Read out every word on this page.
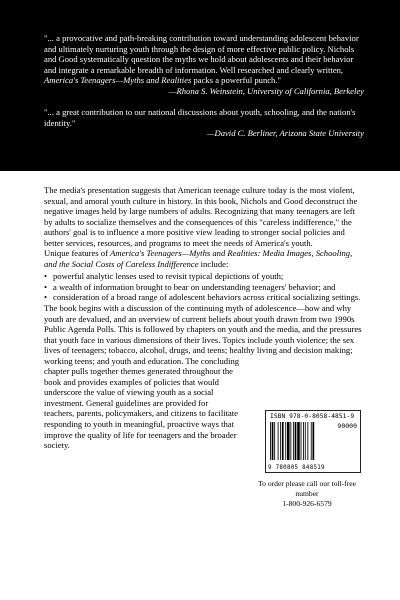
"... a provocative and path-breaking contribution toward understanding adolescent behavior and ultimately nurturing youth through the design of more effective public policy. Nichols and Good systematically question the myths we hold about adolescents and their behavior and integrate a remarkable breadth of information. Well researched and clearly written, America's Teenagers—Myths and Realities packs a powerful punch."

—Rhona S. Weinstein, University of California, Berkeley

"... a great contribution to our national discussions about youth, schooling, and the nation's identity."

—David C. Berliner, Arizona State University

The media's presentation suggests that American teenage culture today is the most violent, sexual, and amoral youth culture in history. In this book, Nichols and Good deconstruct the negative images held by large numbers of adults. Recognizing that many teenagers are left by adults to socialize themselves and the consequences of this "careless indifference," the authors' goal is to influence a more positive view leading to stronger social policies and better services, resources, and programs to meet the needs of America's youth.

Unique features of America's Teenagers—Myths and Realities: Media Images, Schooling, and the Social Costs of Careless Indifference include:

• powerful analytic lenses used to revisit typical depictions of youth;
• a wealth of information brought to bear on understanding teenagers' behavior; and
• consideration of a broad range of adolescent behaviors across critical socializing settings.

The book begins with a discussion of the continuing myth of adolescence—how and why youth are devalued, and an overview of current beliefs about youth drawn from two 1990s Public Agenda Polls. This is followed by chapters on youth and the media, and the pressures that youth face in various dimensions of their lives. Topics include youth violence; the sex lives of teenagers; tobacco, alcohol, drugs, and teens; healthy living and decision making; working teens; and youth and education. The concluding

chapter pulls together themes generated throughout the book and provides examples of policies that would underscore the value of viewing youth as a social investment. General guidelines are provided for teachers, parents, policymakers, and citizens to facilitate responding to youth in meaningful, proactive ways that improve the quality of life for teenagers and the broader society.

ISBN 978-0-8058-4851-9
90000
9 780805 848519
To order please call our toll-free number
1-800-926-6579
